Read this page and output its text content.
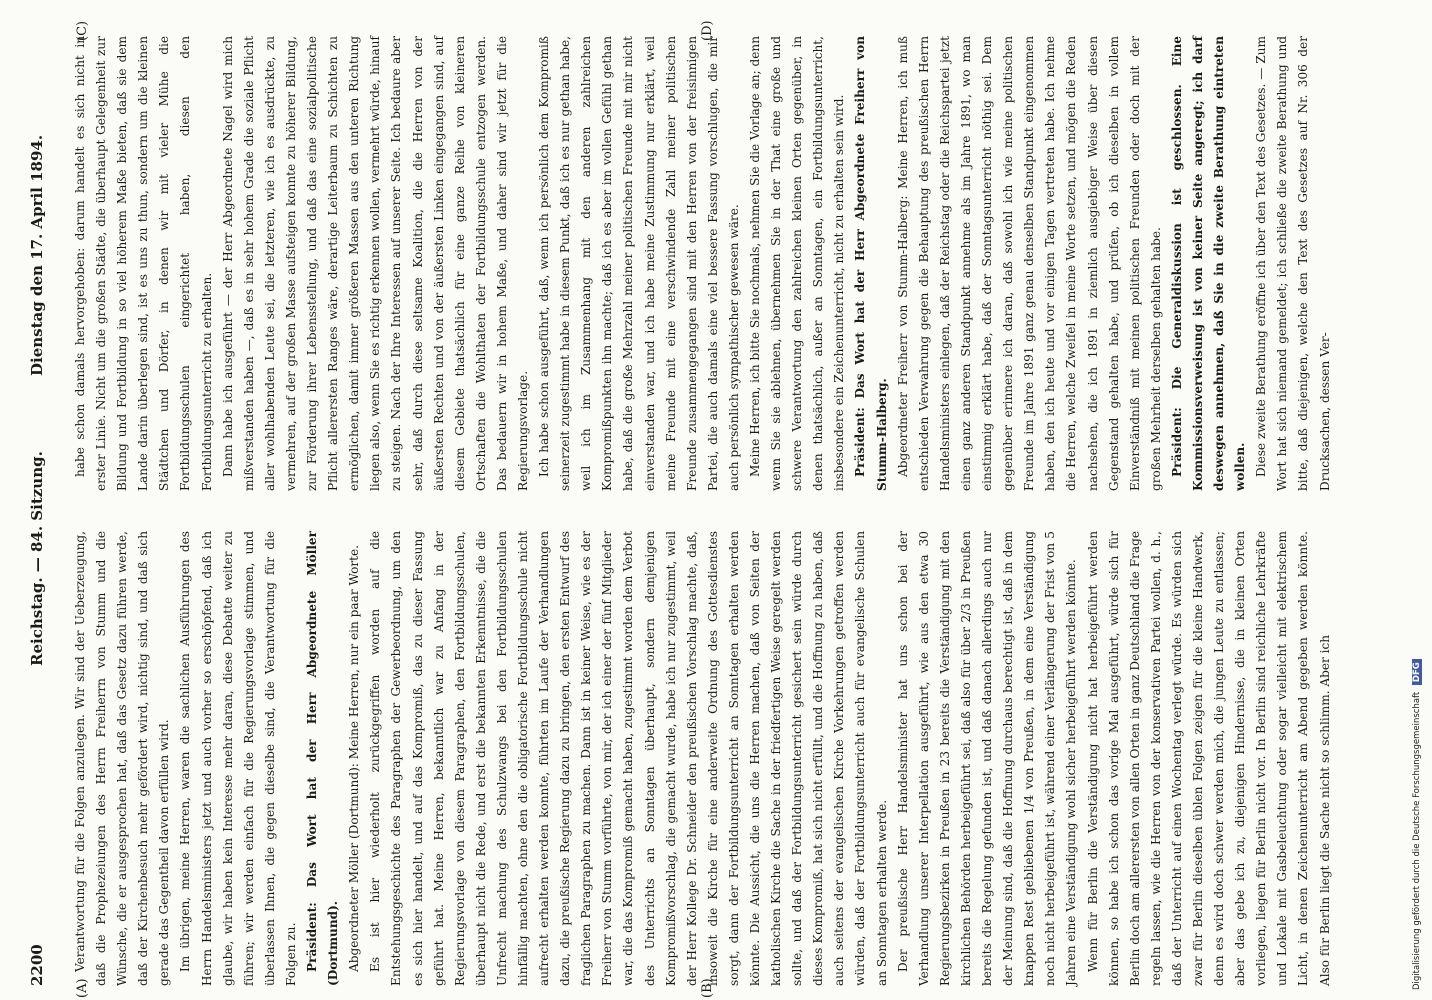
2200
Reichstag. — 84. Sitzung.
Dienstag den 17. April 1894.

Verantwortung für die Folgen anzulegen. Wir sind der Ueberzeugung, daß die Prophezeiungen des Herrn Freiherrn von Stumm und die Wünsche, die er ausgesprochen hat, daß das Gesetz dazu führen werde, daß der Kirchenbesuch mehr gefördert wird, nichtig sind, und daß sich gerade das Gegentheil davon erfüllen wird. Im übrigen, meine Herren, waren die sachlichen Ausführungen des Herrn Handelsministers jetzt und auch vorher so erschöpfend, daß ich glaube, wir haben kein Interesse mehr daran, diese Debatte weiter zu führen; wir werden einfach für die Regierungsvorlage stimmen, und überlassen Ihnen, die gegen dieselbe sind, die Verantwortung für die Folgen zu. Präsident: Das Wort hat der Herr Abgeordnete Möller (Dortmund). Abgeordneter Möller (Dortmund): Meine Herren, nur ein paar Worte. Es ist hier wiederholt zurückgegriffen worden auf die Entstehungsgeschichte des Paragraphen der Gewerbeordnung, um den es sich hier handelt, und auf das Kompromiß, das zu dieser Fassung geführt hat. Meine Herren, bekanntlich war zu Anfang in der Regierungsvorlage von diesem Paragraphen, den Fortbildungsschulen, überhaupt nicht die Rede, und erst die bekannten Erkenntnisse, die die Unfrecht machung des Schulzwangs bei den Fortbildungsschulen hinfällig machten, ohne den die obligatorische Fortbildungsschule nicht aufrecht erhalten werden konnte, führten im Laufe der Verhandlungen dazu, die preußische Regierung dazu zu bringen, den ersten Entwurf des fraglichen Paragraphen zu machen. Dann ist in keiner Weise, wie es der Freiherr von Stumm vorführte, von mir, der ich einer der fünf Mitglieder war, die das Kompromiß gemacht haben, zugestimmt worden dem Verbot des Unterrichts an Sonntagen überhaupt, sondern demjenigen Kompromißvorschlag, die gemacht wurde, habe ich nur zugestimmt, weil der Herr Kollege Dr. Schneider den preußischen Vorschlag machte, daß, insoweit die Kirche für eine anderweite Ordnung des Gottesdienstes sorgt, dann der Fortbildungsunterricht an Sonntagen erhalten werden könnte. Die Aussicht, die uns die Herren machen, daß von Seiten der katholischen Kirche die Sache in der friedfertigen Weise geregelt werden sollte, und daß der Fortbildungsunterricht gesichert sein würde durch dieses Kompromiß, hat sich nicht erfüllt, und die Hoffnung zu haben, daß auch seitens der evangelischen Kirche Vorkehrungen getroffen werden würden, daß der Fortbildungsunterricht auch für evangelische Schulen an Sonntagen erhalten werde. Der preußische Herr Handelsminister hat uns schon bei der Verhandlung unserer Interpellation ausgeführt, wie aus den etwa 30 Regierungsbezirken in Preußen in 23 bereits die Verständigung mit den kirchlichen Behörden herbeigeführt sei, daß also für über 2/3 in Preußen bereits die Regelung gefunden ist, und daß danach allerdings auch nur der Meinung sind, daß die Hoffnung durchaus berechtigt ist, daß in dem knappen Rest gebliebenen 1/4 von Preußen, in dem eine Verständigung noch nicht herbeigeführt ist, während einer Verlängerung der Frist von 5 Jahren eine Verständigung wohl sicher herbeigeführt werden könnte. Wenn für Berlin die Verständigung nicht hat herbeigeführt werden können, so habe ich schon das vorige Mal ausgeführt, würde sich für Berlin doch am allerersten von allen Orten in ganz Deutschland die Frage regeln lassen, wie die Herren von der konservativen Partei wollen, d. h., daß der Unterricht auf einen Wochentag verlegt würde. Es würden sich zwar für Berlin dieselben üblen Folgen zeigen für die kleine Handwerk, denn es wird doch schwer werden mich, die jungen Leute zu entlassen; aber das gebe ich zu, diejenigen Hindernisse, die in kleinen Orten vorliegen, liegen für Berlin nicht vor. In Berlin sind reichliche Lehrkräfte und Lokale mit Gasbeleuchtung oder sogar vielleicht mit elektrischem Licht, in denen Zeichenunterricht am Abend gegeben werden könnte. Also für Berlin liegt die Sache nicht so schlimm. Aber ich

habe schon damals hervorgehoben: darum handelt es sich nicht in erster Linie. Nicht um die großen Städte, die überhaupt Gelegenheit zur Bildung und Fortbildung in so viel höherem Maße bieten, daß sie dem Lande darin überlegen sind, ist es uns zu thun, sondern um die kleinen Städtchen und Dörfer, in denen wir mit vieler Mühe die Fortbildungsschulen eingerichtet haben, diesen den Fortbildungsunterricht zu erhalten. Dann habe ich ausgeführt — der Herr Abgeordnete Nagel wird mich mißverstanden haben —, daß es in sehr hohem Grade die soziale Pflicht aller wohlhabenden Leute sei, die letzteren, wie ich es ausdrückte, zu vermehren, auf der großen Masse aufsteigen konnte zu höherer Bildung, zur Förderung ihrer Lebensstellung, und daß das eine sozialpolitische Pflicht allerersten Ranges wäre, derartige Leiterbaum zu Schichten zu ermöglichen, damit immer größeren Massen aus den unteren Richtung liegen also, wenn Sie es richtig erkennen wollen, vermehrt würde, hinauf zu steigen. Nach der Ihre Interessen auf unserer Seite. Ich bedaure aber sehr, daß durch diese seltsame Koalition, die die Herren von der äußersten Rechten und von der äußersten Linken eingegangen sind, auf diesem Gebiete thatsächlich für eine ganze Reihe von kleineren Ortschaften die Wohlthaten der Fortbildungsschule entzogen werden. Das bedauern wir in hohem Maße, und daher sind wir jetzt für die Regierungsvorlage. Ich habe schon ausgeführt, daß, wenn ich persönlich dem Kompromiß seinerzeit zugestimmt habe in diesem Punkt, daß ich es nur gethan habe, weil ich im Zusammenhang mit den anderen zahlreichen Kompromißpunkten ihn machte; daß ich es aber im vollen Gefühl gethan habe, daß die große Mehrzahl meiner politischen Freunde mit mir nicht einverstanden war, und ich habe meine Zustimmung nur erklärt, weil meine Freunde mit eine verschwindende Zahl meiner politischen Freunde zusammengegangen sind mit den Herren von der freisinnigen Partei, die auch damals eine viel bessere Fassung vorschlugen, die mir auch persönlich sympathischer gewesen wäre. Meine Herren, ich bitte Sie nochmals, nehmen Sie die Vorlage an; denn wenn Sie sie ablehnen, übernehmen Sie in der That eine große und schwere Verantwortung den zahlreichen kleinen Orten gegenüber, in denen thatsächlich, außer an Sonntagen, ein Fortbildungsunterricht, insbesondere ein Zeichenunterricht, nicht zu erhalten sein wird. Präsident: Das Wort hat der Herr Abgeordnete Freiherr von Stumm-Halberg. Abgeordneter Freiherr von Stumm-Halberg: Meine Herren, ich muß entschieden Verwahrung gegen die Behauptung des preußischen Herrn Handelsministers einlegen, daß der Reichstag oder die Reichspartei jetzt einen ganz anderen Standpunkt annehme als im Jahre 1891, wo man einstimmig erklärt habe, daß der Sonntagsunterricht nöthig sei. Dem gegenüber erinnere ich daran, daß sowohl ich wie meine politischen Freunde im Jahre 1891 ganz genau denselben Standpunkt eingenommen haben, den ich heute und vor einigen Tagen vertreten habe. Ich nehme die Herren, welche Zweifel in meine Worte setzen, und mögen die Reden nachsehen, die ich 1891 in ziemlich ausgiebiger Weise über diesen Gegenstand gehalten habe, und prüfen, ob ich dieselben in vollem Einverständniß mit meinen politischen Freunden oder doch mit der großen Mehrheit derselben gehalten habe. Präsident: Die Generaldiskussion ist geschlossen. Eine Kommissionsverweisung ist von keiner Seite angeregt; ich darf deswegen annehmen, daß Sie in die zweite Berathung eintreten wollen. Diese zweite Berathung eröffne ich über den Text des Gesetzes. — Zum Wort hat sich niemand gemeldet; ich schließe die zweite Berathung und bitte, daß diejenigen, welche den Text des Gesetzes auf Nr. 306 der Drucksachen, dessen Ver-

(A)	(B)
(C)	(D)
Digitalisierung gefördert durch die Deutsche Forschungsgemeinschaft DFG
